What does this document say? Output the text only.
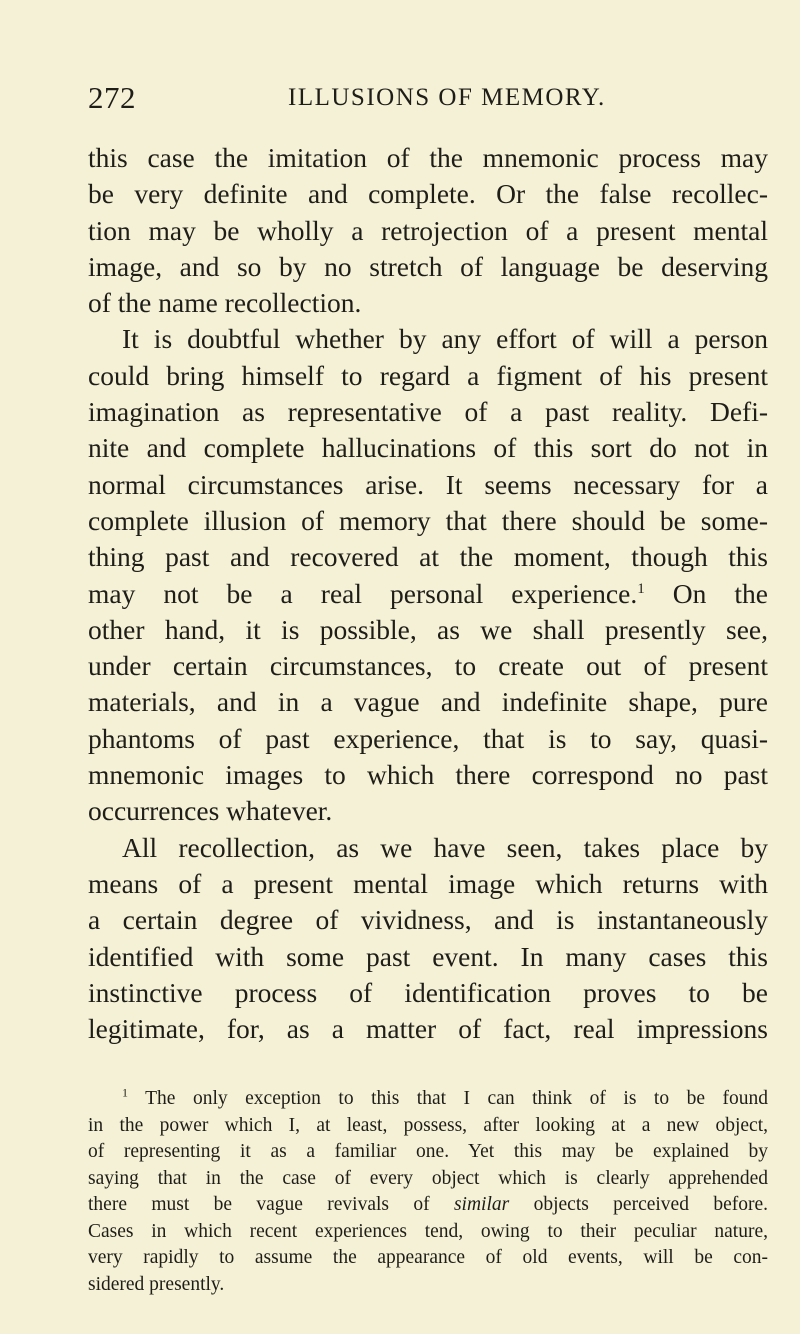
272	ILLUSIONS OF MEMORY.
this case the imitation of the mnemonic process may
be very definite and complete. Or the false recollec-
tion may be wholly a retrojection of a present mental
image, and so by no stretch of language be deserving
of the name recollection.
It is doubtful whether by any effort of will a person
could bring himself to regard a figment of his present
imagination as representative of a past reality. Defi-
nite and complete hallucinations of this sort do not in
normal circumstances arise. It seems necessary for a
complete illusion of memory that there should be some-
thing past and recovered at the moment, though this
may not be a real personal experience.$^1$ On the
other hand, it is possible, as we shall presently see,
under certain circumstances, to create out of present
materials, and in a vague and indefinite shape, pure
phantoms of past experience, that is to say, quasi-
mnemonic images to which there correspond no past
occurrences whatever.
All recollection, as we have seen, takes place by
means of a present mental image which returns with
a certain degree of vividness, and is instantaneously
identified with some past event. In many cases this
instinctive process of identification proves to be
legitimate, for, as a matter of fact, real impressions
$^1$ The only exception to this that I can think of is to be found
in the power which I, at least, possess, after looking at a new object,
of representing it as a familiar one. Yet this may be explained by
saying that in the case of every object which is clearly apprehended
there must be vague revivals of similar objects perceived before.
Cases in which recent experiences tend, owing to their peculiar nature,
very rapidly to assume the appearance of old events, will be con-
sidered presently.
